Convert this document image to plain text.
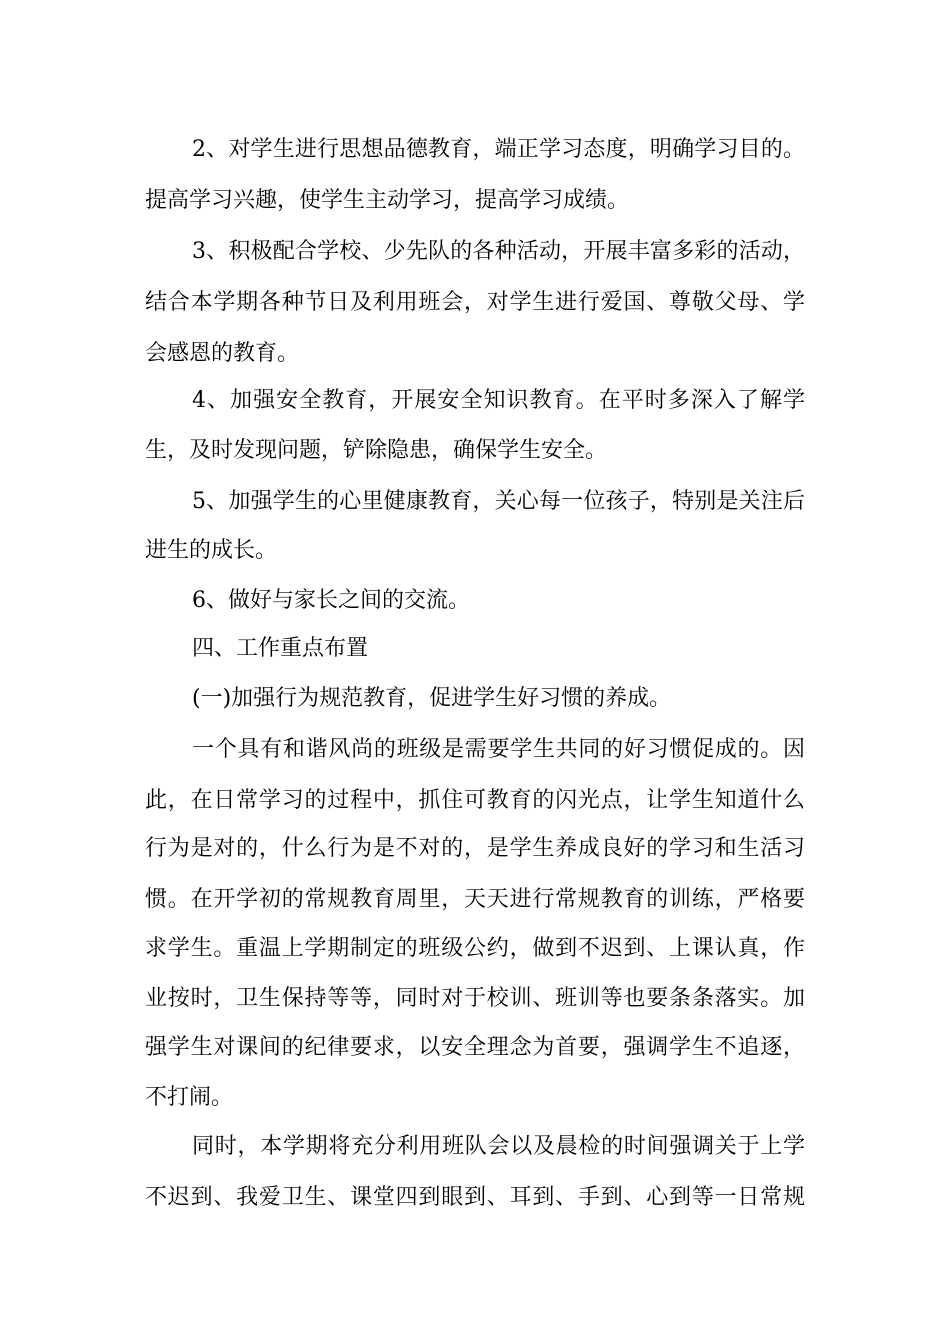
2、对学生进行思想品德教育，端正学习态度，明确学习目的。

提高学习兴趣，使学生主动学习，提高学习成绩。

3、积极配合学校、少先队的各种活动，开展丰富多彩的活动，

结合本学期各种节日及利用班会，对学生进行爱国、尊敬父母、学

会感恩的教育。

4、加强安全教育，开展安全知识教育。在平时多深入了解学

生，及时发现问题，铲除隐患，确保学生安全。

5、加强学生的心里健康教育，关心每一位孩子，特别是关注后

进生的成长。

6、做好与家长之间的交流。

四、工作重点布置

(一)加强行为规范教育，促进学生好习惯的养成。

一个具有和谐风尚的班级是需要学生共同的好习惯促成的。因

此，在日常学习的过程中，抓住可教育的闪光点，让学生知道什么

行为是对的，什么行为是不对的，是学生养成良好的学习和生活习

惯。在开学初的常规教育周里，天天进行常规教育的训练，严格要

求学生。重温上学期制定的班级公约，做到不迟到、上课认真，作

业按时，卫生保持等等，同时对于校训、班训等也要条条落实。加

强学生对课间的纪律要求，以安全理念为首要，强调学生不追逐，

不打闹。

同时，本学期将充分利用班队会以及晨检的时间强调关于上学

不迟到、我爱卫生、课堂四到眼到、耳到、手到、心到等一日常规
